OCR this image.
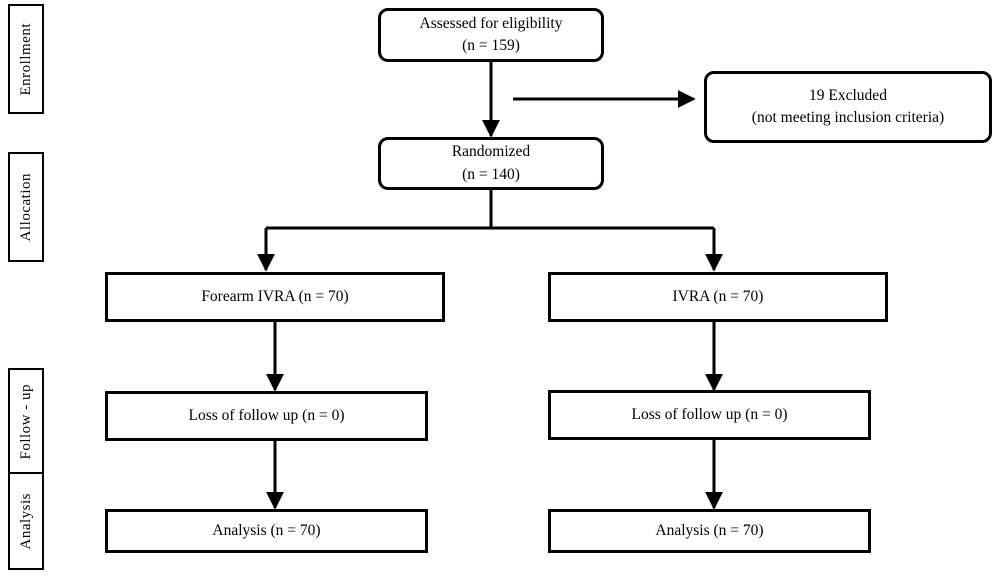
Enrollment
Allocation
Follow - up
Analysis
Assessed for eligibility
(n = 159)
19 Excluded
(not meeting inclusion criteria)
Randomized
(n = 140)
Forearm IVRA (n = 70)	IVRA (n = 70)
Loss of follow up (n = 0)	Loss of follow up (n = 0)
Analysis (n = 70)	Analysis (n = 70)
